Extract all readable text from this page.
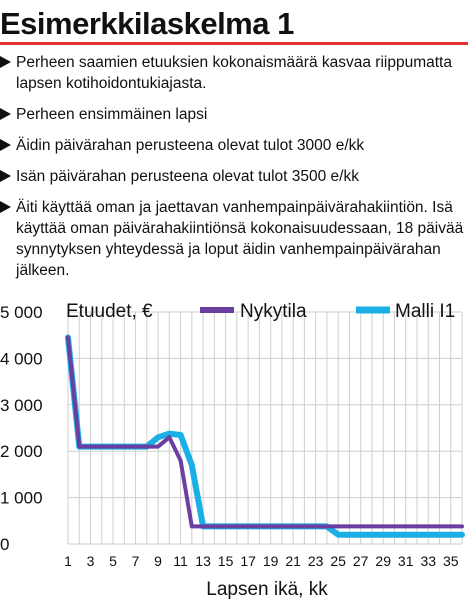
Esimerkkilaskelma 1
Perheen saamien etuuksien kokonaismäärä kasvaa riippumatta lapsen kotihoidontukiajasta.
Perheen ensimmäinen lapsi
Äidin päivärahan perusteena olevat tulot 3000 e/kk
Isän päivärahan perusteena olevat tulot 3500 e/kk
Äiti käyttää oman ja jaettavan vanhempainpäivärahakiintiön. Isä käyttää oman päivärahakiintiönsä kokonaisuudessaan, 18 päivää synnytyksen yhteydessä ja loput äidin vanhempainpäivärahan jälkeen.
0
1 000
2 000
3 000
4 000
5 000
1 3 5 7 9 11 13 15 17 19 21 23 25 27 29 31 33 35
Nykytila	Malli I1
Etuudet, €
Lapsen ikä, kk
